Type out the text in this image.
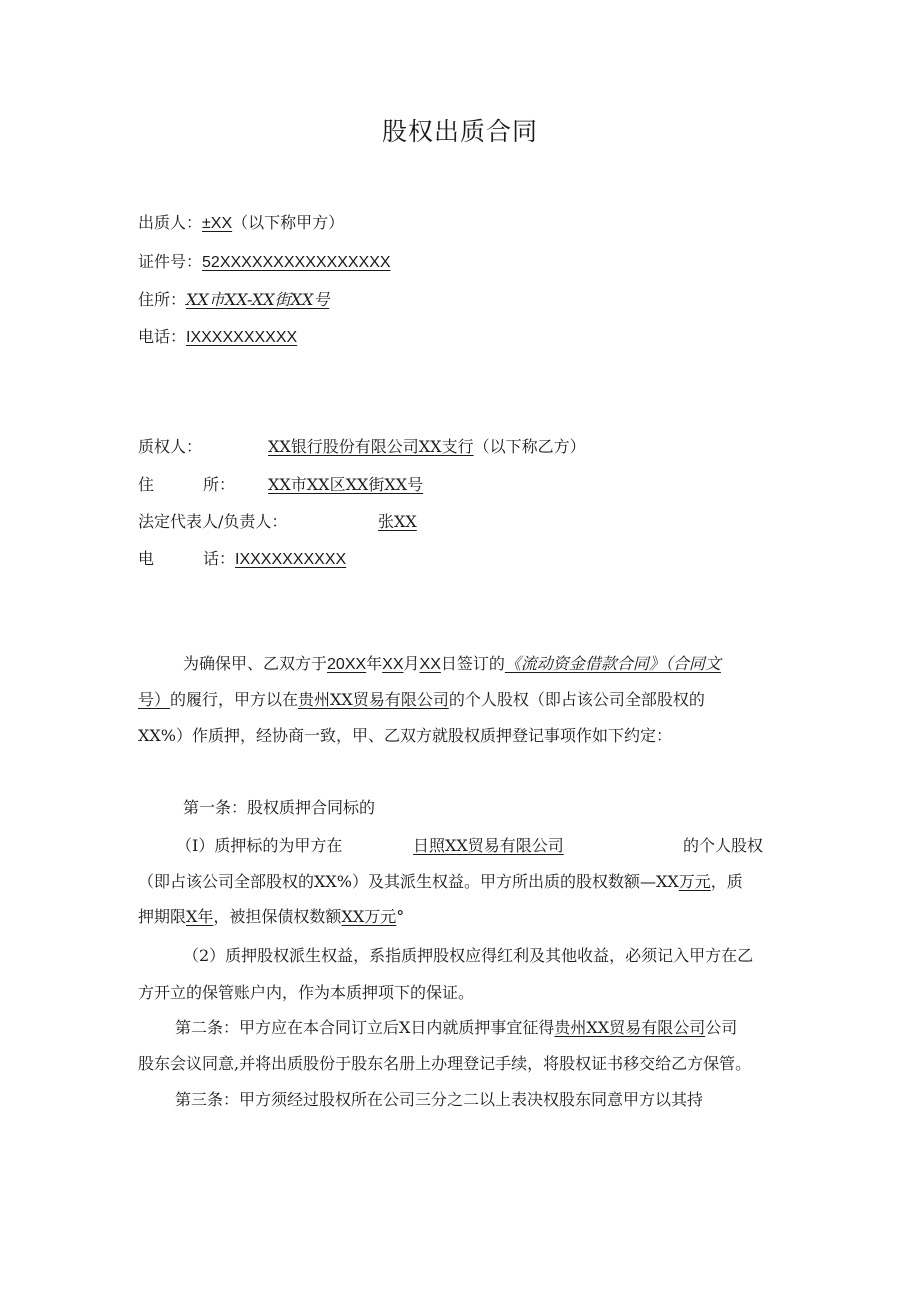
股权出质合同
出质人：±XX（以下称甲方）
证件号：52XXXXXXXXXXXXXXXX
住所：XX市XX-XX街XX号
电话：IXXXXXXXXXX
质权人：	XX银行股份有限公司XX支行（以下称乙方）
住	所： XX市XX区XX街XX号
法定代表人/负责人：	张XX
电	话：IXXXXXXXXXX
为确保甲、乙双方于20XX年XX月XX日签订的《流动资金借款合同》（合同文
号）的履行，甲方以在贵州XX贸易有限公司的个人股权（即占该公司全部股权的
XX%）作质押，经协商一致，甲、乙双方就股权质押登记事项作如下约定：
第一条：股权质押合同标的
（I）质押标的为甲方在	日照XX贸易有限公司	的个人股权
（即占该公司全部股权的XX%）及其派生权益。甲方所出质的股权数额—XX万元，质
押期限X年，被担保债权数额XX万元°
（2）质押股权派生权益，系指质押股权应得红利及其他收益，必须记入甲方在乙
方开立的保管账户内，作为本质押项下的保证。
第二条：甲方应在本合同订立后X日内就质押事宜征得贵州XX贸易有限公司公司
股东会议同意,并将出质股份于股东名册上办理登记手续，将股权证书移交给乙方保管。
第三条：甲方须经过股权所在公司三分之二以上表决权股东同意甲方以其持
